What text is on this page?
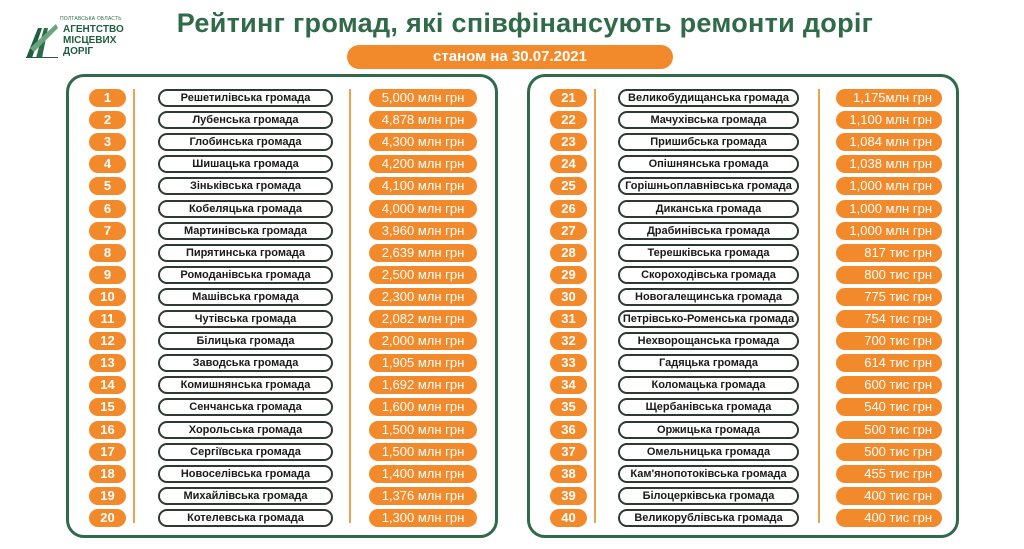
ПОЛТАВСЬКА ОБЛАСТЬ
АГЕНТСТВО
МІСЦЕВИХ
ДОРІГ
Рейтинг громад, які співфінансують ремонти доріг
станом на 30.07.2021
1	Решетилівська громада	5,000 млн грн
2	Лубенська громада	4,878 млн грн
3	Глобинська громада	4,300 млн грн
4	Шишацька громада	4,200 млн грн
5	Зіньківська громада	4,100 млн грн
6	Кобеляцька громада	4,000 млн грн
7	Мартинівська громада	3,960 млн грн
8	Пирятинська громада	2,639 млн грн
9	Ромоданівська громада	2,500 млн грн
10	Машівська громада	2,300 млн грн
11	Чутівська громада	2,082 млн грн
12	Білицька громада	2,000 млн грн
13	Заводська громада	1,905 млн грн
14	Комишнянська громада	1,692 млн грн
15	Сенчанська громада	1,600 млн грн
16	Хорольська громада	1,500 млн грн
17	Сергіївська громада	1,500 млн грн
18	Новоселівська громада	1,400 млн грн
19	Михайлівська громада	1,376 млн грн
20	Котелевська громада	1,300 млн грн
21	Великобудищанська громада	1,175млн грн
22	Мачухівська громада	1,100 млн грн
23	Пришибська громада	1,084 млн грн
24	Опішнянська громада	1,038 млн грн
25	Горішньоплавнівська громада	1,000 млн грн
26	Диканська громада	1,000 млн грн
27	Драбинівська громада	1,000 млн грн
28	Терешківська громада	817 тис грн
29	Скороходівська громада	800 тис грн
30	Новогалещинська громада	775 тис грн
31	Петрівсько-Роменська громада	754 тис грн
32	Нехворощанська громада	700 тис грн
33	Гадяцька громада	614 тис грн
34	Коломацька громада	600 тис грн
35	Щербанівська громада	540 тис грн
36	Оржицька громада	500 тис грн
37	Омельницька громада	500 тис грн
38	Кам'янопотоківська громада	455 тис грн
39	Білоцерківська громада	400 тис грн
40	Великорублівська громада	400 тис грн
